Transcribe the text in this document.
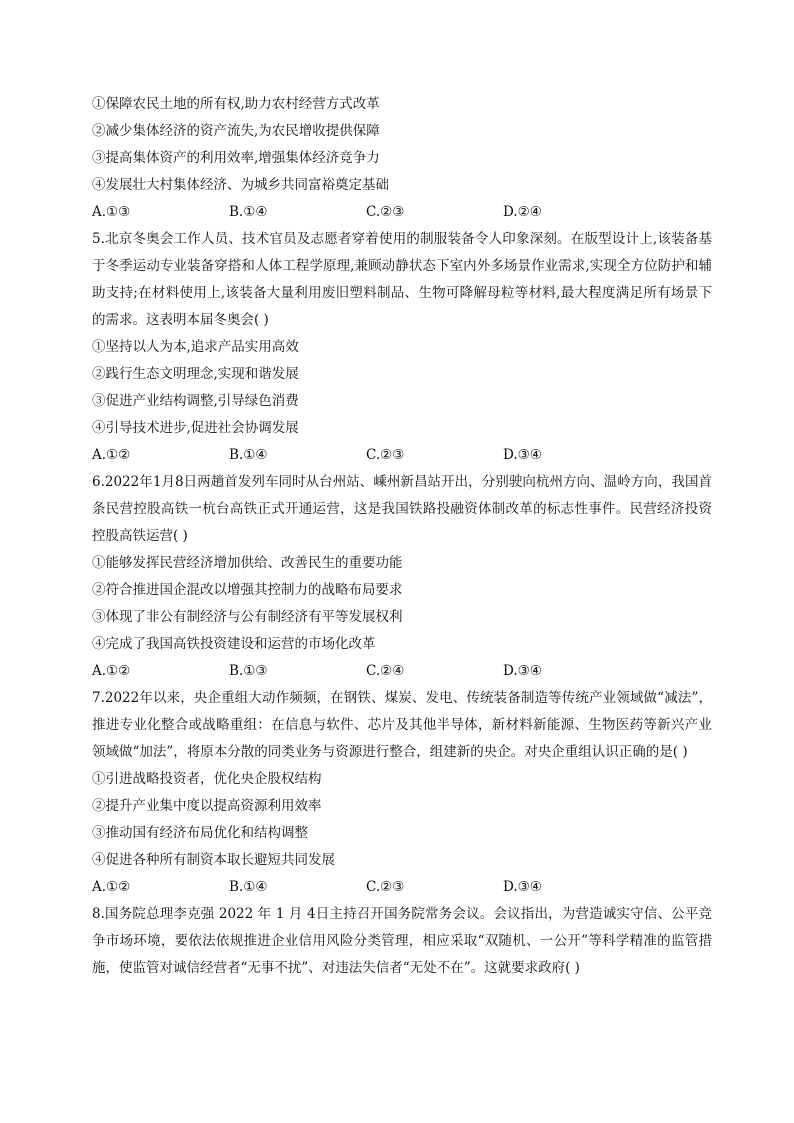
①保障农民土地的所有权,助力农村经营方式改革
②减少集体经济的资产流失,为农民增收提供保障
③提高集体资产的利用效率,增强集体经济竞争力
④发展壮大村集体经济、为城乡共同富裕奠定基础
A.①③	B.①④	C.②③	D.②④
5.北京冬奥会工作人员、技术官员及志愿者穿着使用的制服装备令人印象深刻。在版型设计上,该装备基于冬季运动专业装备穿搭和人体工程学原理,兼顾动静状态下室内外多场景作业需求,实现全方位防护和辅助支持;在材料使用上,该装备大量利用废旧塑料制品、生物可降解母粒等材料,最大程度满足所有场景下的需求。这表明本届冬奥会( )
①坚持以人为本,追求产品实用高效
②践行生态文明理念,实现和谐发展
③促进产业结构调整,引导绿色消费
④引导技术进步,促进社会协调发展
A.①②	B.①④	C.②③	D.③④
6.2022年1月8日两趟首发列车同时从台州站、嵊州新昌站开出，分别驶向杭州方向、温岭方向，我国首条民营控股高铁一杭台高铁正式开通运营，这是我国铁路投融资体制改革的标志性事件。民营经济投资控股高铁运营( )
①能够发挥民营经济增加供给、改善民生的重要功能
②符合推进国企混改以增强其控制力的战略布局要求
③体现了非公有制经济与公有制经济有平等发展权利
④完成了我国高铁投资建设和运营的市场化改革
A.①②	B.①③	C.②④	D.③④
7.2022年以来，央企重组大动作频频，在钢铁、煤炭、发电、传统装备制造等传统产业领域做“减法”，推进专业化整合或战略重组：在信息与软件、芯片及其他半导体，新材料新能源、生物医药等新兴产业领域做“加法”，将原本分散的同类业务与资源进行整合，组建新的央企。对央企重组认识正确的是( )
①引进战略投资者，优化央企股权结构
②提升产业集中度以提高资源利用效率
③推动国有经济布局优化和结构调整
④促进各种所有制资本取长避短共同发展
A.①②	B.①④	C.②③	D.③④
8.国务院总理李克强 2022 年 1 月 4日主持召开国务院常务会议。会议指出，为营造诚实守信、公平竞争市场环境，要依法依规推进企业信用风险分类管理，相应采取“双随机、一公开”等科学精准的监管措施，使监管对诚信经营者“无事不扰”、对违法失信者“无处不在”。这就要求政府( )
